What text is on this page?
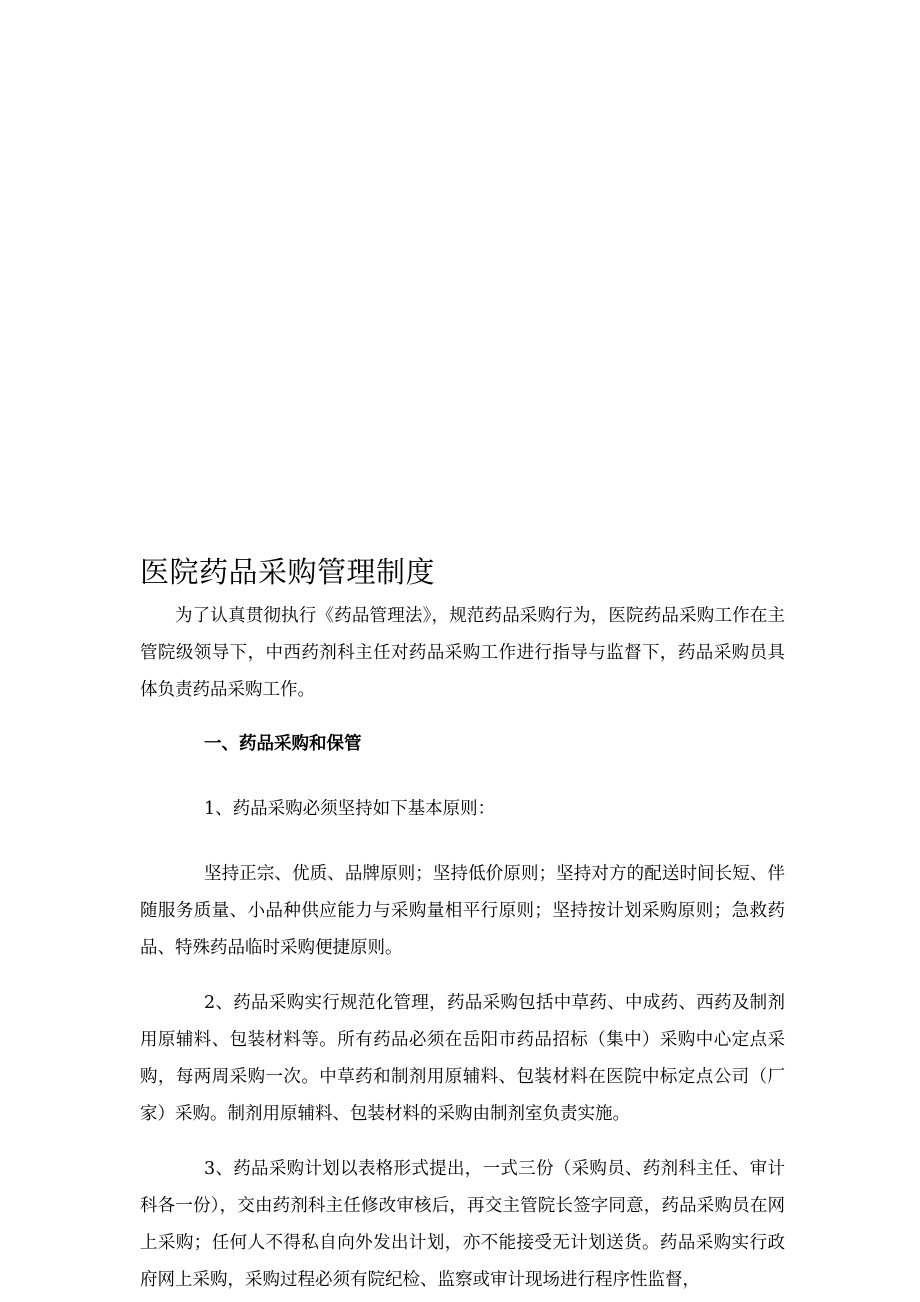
医院药品采购管理制度

为了认真贯彻执行《药品管理法》，规范药品采购行为，医院药品采购工作在主管院级领导下，中西药剂科主任对药品采购工作进行指导与监督下，药品采购员具体负责药品采购工作。

一、药品采购和保管

1、药品采购必须坚持如下基本原则：

坚持正宗、优质、品牌原则；坚持低价原则；坚持对方的配送时间长短、伴随服务质量、小品种供应能力与采购量相平行原则；坚持按计划采购原则；急救药品、特殊药品临时采购便捷原则。

2、药品采购实行规范化管理，药品采购包括中草药、中成药、西药及制剂用原辅料、包装材料等。所有药品必须在岳阳市药品招标（集中）采购中心定点采购，每两周采购一次。中草药和制剂用原辅料、包装材料在医院中标定点公司（厂家）采购。制剂用原辅料、包装材料的采购由制剂室负责实施。

3、药品采购计划以表格形式提出，一式三份（采购员、药剂科主任、审计科各一份），交由药剂科主任修改审核后，再交主管院长签字同意，药品采购员在网上采购；任何人不得私自向外发出计划，亦不能接受无计划送货。药品采购实行政府网上采购，采购过程必须有院纪检、监察或审计现场进行程序性监督，
